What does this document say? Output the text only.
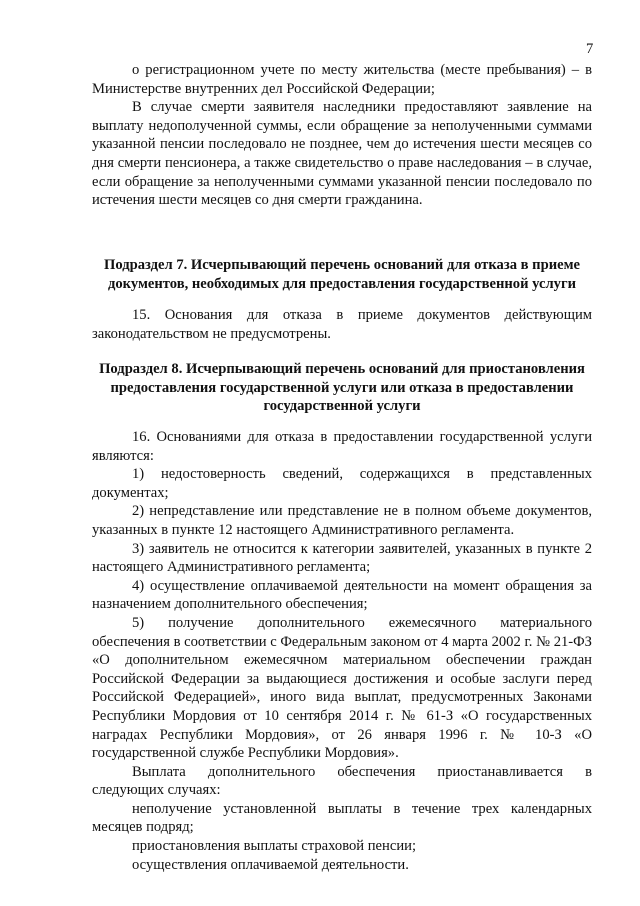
7

о регистрационном учете по месту жительства (месте пребывания) – в Министерстве внутренних дел Российской Федерации;

В случае смерти заявителя наследники предоставляют заявление на выплату недополученной суммы, если обращение за неполученными суммами указанной пенсии последовало не позднее, чем до истечения шести месяцев со дня смерти пенсионера, а также свидетельство о праве наследования – в случае, если обращение за неполученными суммами указанной пенсии последовало по истечения шести месяцев со дня смерти гражданина.

Подраздел 7. Исчерпывающий перечень оснований для отказа в приеме документов, необходимых для предоставления государственной услуги

15. Основания для отказа в приеме документов действующим законодательством не предусмотрены.

Подраздел 8. Исчерпывающий перечень оснований для приостановления предоставления государственной услуги или отказа в предоставлении государственной услуги

16. Основаниями для отказа в предоставлении государственной услуги являются:

1) недостоверность сведений, содержащихся в представленных документах;

2) непредставление или представление не в полном объеме документов, указанных в пункте 12 настоящего Административного регламента.

3) заявитель не относится к категории заявителей, указанных в пункте 2 настоящего Административного регламента;

4) осуществление оплачиваемой деятельности на момент обращения за назначением дополнительного обеспечения;

5) получение дополнительного ежемесячного материального обеспечения в соответствии с Федеральным законом от 4 марта 2002 г. № 21-ФЗ «О дополнительном ежемесячном материальном обеспечении граждан Российской Федерации за выдающиеся достижения и особые заслуги перед Российской Федерацией», иного вида выплат, предусмотренных Законами Республики Мордовия от 10 сентября 2014 г. № 61-З «О государственных наградах Республики Мордовия», от 26 января 1996 г. № 10-З «О государственной службе Республики Мордовия».

Выплата дополнительного обеспечения приостанавливается в следующих случаях:

неполучение установленной выплаты в течение трех календарных месяцев подряд;

приостановления выплаты страховой пенсии;

осуществления оплачиваемой деятельности.
